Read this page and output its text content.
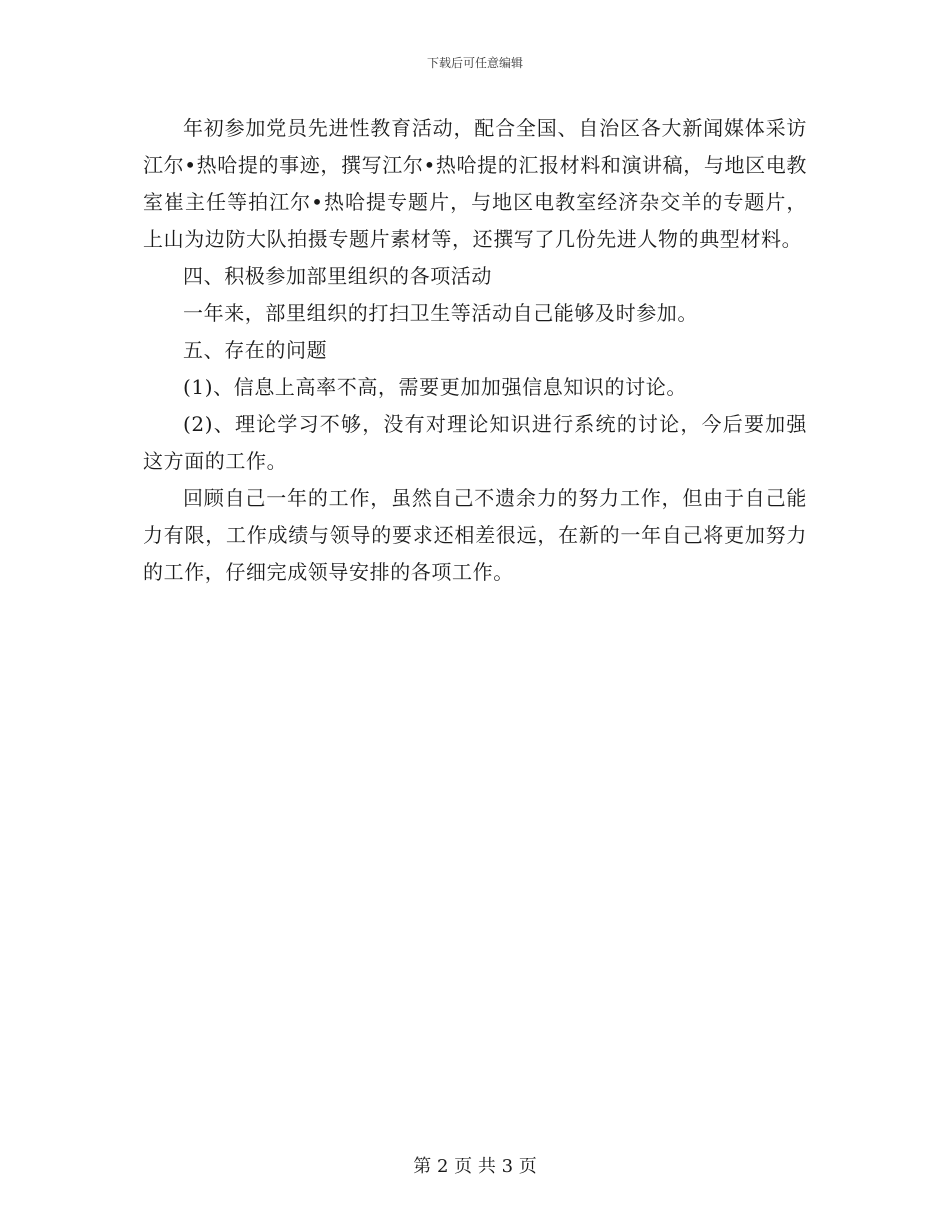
下载后可任意编辑

年初参加党员先进性教育活动，配合全国、自治区各大新闻媒体采访江尔•热哈提的事迹，撰写江尔•热哈提的汇报材料和演讲稿，与地区电教室崔主任等拍江尔•热哈提专题片，与地区电教室经济杂交羊的专题片，上山为边防大队拍摄专题片素材等，还撰写了几份先进人物的典型材料。

四、积极参加部里组织的各项活动

一年来，部里组织的打扫卫生等活动自己能够及时参加。

五、存在的问题

(1)、信息上高率不高，需要更加加强信息知识的讨论。

(2)、理论学习不够，没有对理论知识进行系统的讨论，今后要加强这方面的工作。

回顾自己一年的工作，虽然自己不遗余力的努力工作，但由于自己能力有限，工作成绩与领导的要求还相差很远，在新的一年自己将更加努力的工作，仔细完成领导安排的各项工作。

第 2 页 共 3 页
